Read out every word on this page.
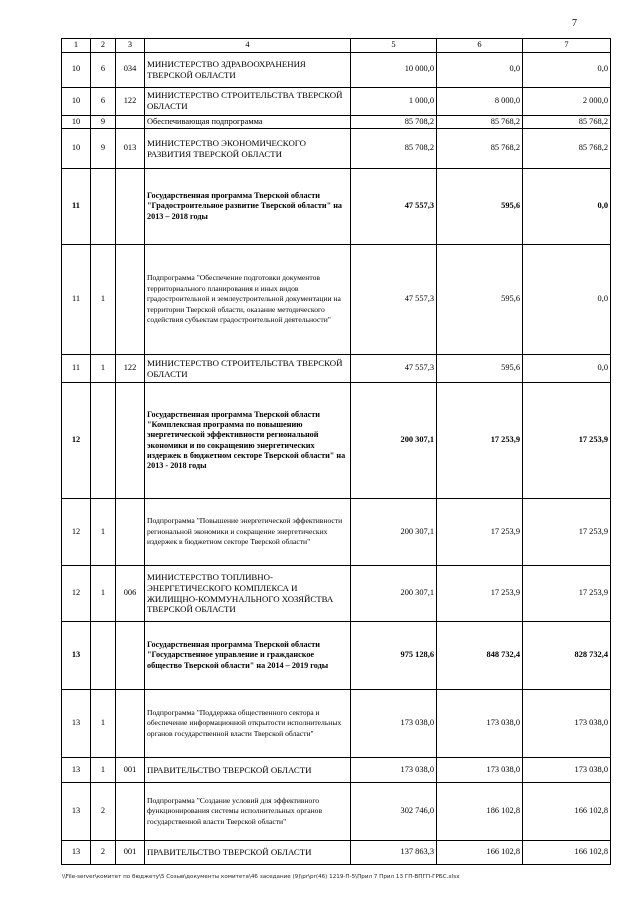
7
1	2	3	4	5	6	7
10	6	034	МИНИСТЕРСТВО ЗДРАВООХРАНЕНИЯ ТВЕРСКОЙ ОБЛАСТИ	10 000,0	0,0	0,0
10	6	122	МИНИСТЕРСТВО СТРОИТЕЛЬСТВА ТВЕРСКОЙ ОБЛАСТИ	1 000,0	8 000,0	2 000,0
10	9		Обеспечивающая подпрограмма	85 708,2	85 768,2	85 768,2
10	9	013	МИНИСТЕРСТВО ЭКОНОМИЧЕСКОГО РАЗВИТИЯ ТВЕРСКОЙ ОБЛАСТИ	85 708,2	85 768,2	85 768,2
11			Государственная программа Тверской области "Градостроительное развитие Тверской области" на 2013 – 2018 годы	47 557,3	595,6	0,0
11	1		Подпрограмма "Обеспечение подготовки документов территориального планирования и иных видов градостроительной и землеустроительной документации на территории Тверской области, оказание методического содействия субъектам градостроительной деятельности"	47 557,3	595,6	0,0
11	1	122	МИНИСТЕРСТВО СТРОИТЕЛЬСТВА ТВЕРСКОЙ ОБЛАСТИ	47 557,3	595,6	0,0
12			Государственная программа Тверской области "Комплексная программа по повышению энергетической эффективности региональной экономики и по сокращению энергетических издержек в бюджетном секторе Тверской области" на 2013 - 2018 годы	200 307,1	17 253,9	17 253,9
12	1		Подпрограмма "Повышение энергетической эффективности региональной экономики и сокращение энергетических издержек в бюджетном секторе Тверской области"	200 307,1	17 253,9	17 253,9
12	1	006	МИНИСТЕРСТВО ТОПЛИВНО-ЭНЕРГЕТИЧЕСКОГО КОМПЛЕКСА И ЖИЛИЩНО-КОММУНАЛЬНОГО ХОЗЯЙСТВА ТВЕРСКОЙ ОБЛАСТИ	200 307,1	17 253,9	17 253,9
13			Государственная программа Тверской области "Государственное управление и гражданское общество Тверской области" на 2014 – 2019 годы	975 128,6	848 732,4	828 732,4
13	1		Подпрограмма "Поддержка общественного сектора и обеспечение информационной открытости исполнительных органов государственной власти Тверской области"	173 038,0	173 038,0	173 038,0
13	1	001	ПРАВИТЕЛЬСТВО ТВЕРСКОЙ ОБЛАСТИ	173 038,0	173 038,0	173 038,0
13	2		Подпрограмма "Создание условий для эффективного функционирования системы исполнительных органов государственной власти Тверской области"	302 746,0	186 102,8	166 102,8
13	2	001	ПРАВИТЕЛЬСТВО ТВЕРСКОЙ ОБЛАСТИ	137 863,3	166 102,8	166 102,8
\\File-server\комитет по бюджету\5 Созыв\документы комитета\46 заседание (9)\pr\pr(46) 1219-П-5\Прил 7 Прил 13 ГП-ВПГП-ГРБС.xlsx
